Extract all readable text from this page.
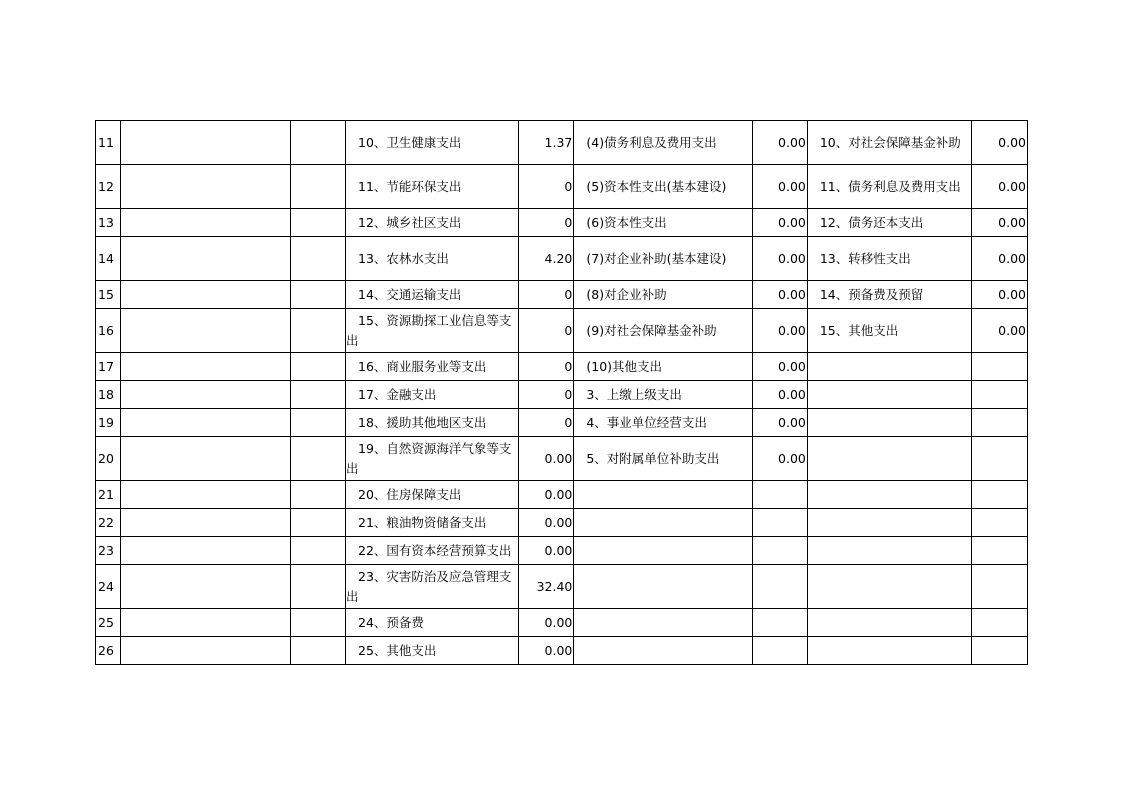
11			10、卫生健康支出	1.37	(4)债务利息及费用支出	0.00	10、对社会保障基金补助	0.00
12			11、节能环保支出	0	(5)资本性支出(基本建设)	0.00	11、债务利息及费用支出	0.00
13			12、城乡社区支出	0	(6)资本性支出	0.00	12、债务还本支出	0.00
14			13、农林水支出	4.20	(7)对企业补助(基本建设)	0.00	13、转移性支出	0.00
15			14、交通运输支出	0	(8)对企业补助	0.00	14、预备费及预留	0.00
16			15、资源勘探工业信息等支出	0	(9)对社会保障基金补助	0.00	15、其他支出	0.00
17			16、商业服务业等支出	0	(10)其他支出	0.00		
18			17、金融支出	0	3、上缴上级支出	0.00		
19			18、援助其他地区支出	0	4、事业单位经营支出	0.00		
20			19、自然资源海洋气象等支出	0.00	5、对附属单位补助支出	0.00		
21			20、住房保障支出	0.00				
22			21、粮油物资储备支出	0.00				
23			22、国有资本经营预算支出	0.00				
24			23、灾害防治及应急管理支出	32.40				
25			24、预备费	0.00				
26			25、其他支出	0.00				
